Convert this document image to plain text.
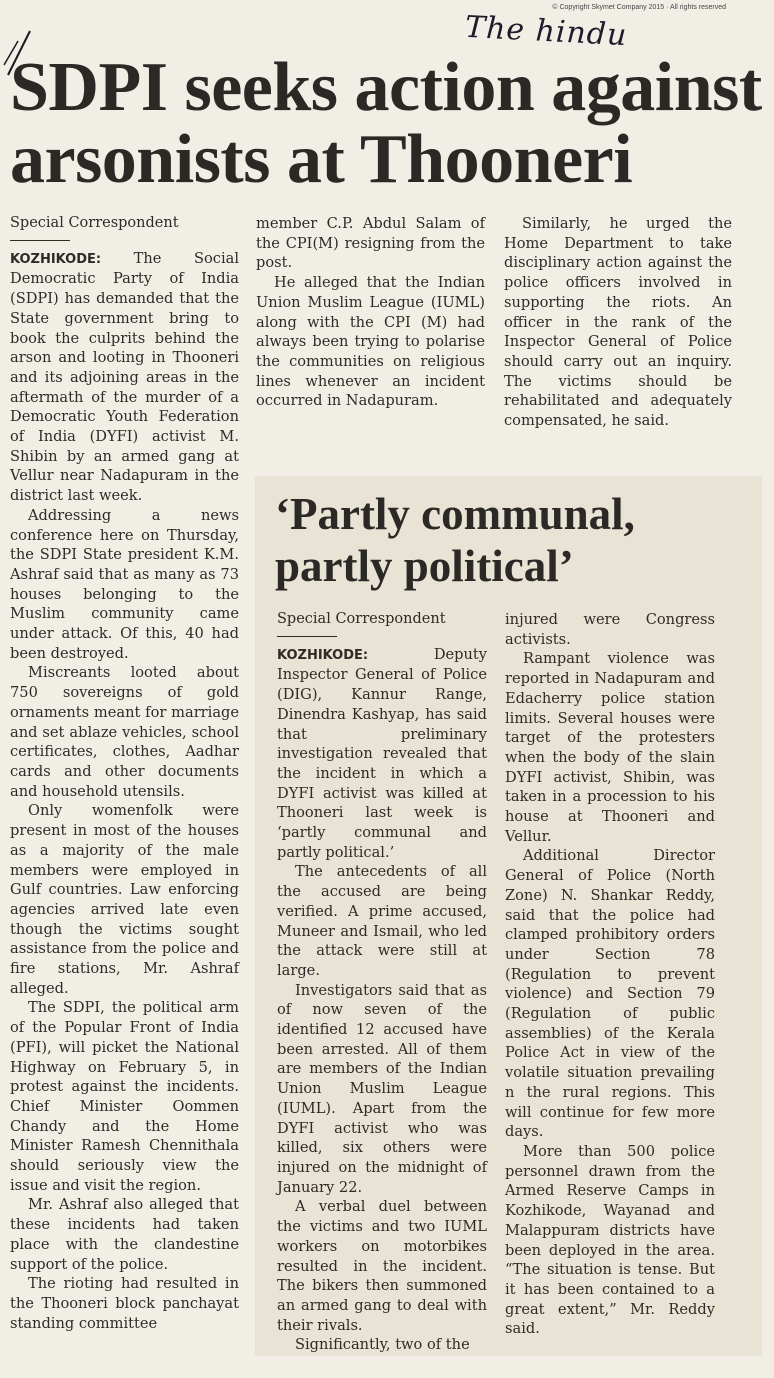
© Copyright Skymet Company 2015 · All rights reserved
The hindu
SDPI seeks action against arsonists at Thooneri
Special Correspondent

KOZHIKODE: The Social Democratic Party of India (SDPI) has demanded that the State government bring to book the culprits behind the arson and looting in Thooneri and its adjoining areas in the aftermath of the murder of a Democratic Youth Federation of India (DYFI) activist M. Shibin by an armed gang at Vellur near Nadapuram in the district last week.

Addressing a news conference here on Thursday, the SDPI State president K.M. Ashraf said that as many as 73 houses belonging to the Muslim community came under attack. Of this, 40 had been destroyed.

Miscreants looted about 750 sovereigns of gold ornaments meant for marriage and set ablaze vehicles, school certificates, clothes, Aadhar cards and other documents and household utensils.

Only womenfolk were present in most of the houses as a majority of the male members were employed in Gulf countries. Law enforcing agencies arrived late even though the victims sought assistance from the police and fire stations, Mr. Ashraf alleged.

The SDPI, the political arm of the Popular Front of India (PFI), will picket the National Highway on February 5, in protest against the incidents. Chief Minister Oommen Chandy and the Home Minister Ramesh Chennithala should seriously view the issue and visit the region.

Mr. Ashraf also alleged that these incidents had taken place with the clandestine support of the police.

The rioting had resulted in the Thooneri block panchayat standing committee

member C.P. Abdul Salam of the CPI(M) resigning from the post.

He alleged that the Indian Union Muslim League (IUML) along with the CPI (M) had always been trying to polarise the communities on religious lines whenever an incident occurred in Nadapuram.

Similarly, he urged the Home Department to take disciplinary action against the police officers involved in supporting the riots. An officer in the rank of the Inspector General of Police should carry out an inquiry. The victims should be rehabilitated and adequately compensated, he said.

‘Partly communal, partly political’
Special Correspondent

KOZHIKODE:	Deputy Inspector General of Police (DIG), Kannur Range, Dinendra Kashyap, has said that preliminary investigation revealed that the incident in which a DYFI activist was killed at Thooneri last week is ‘partly communal and partly political.’

The antecedents of all the accused are being verified. A prime accused, Muneer and Ismail, who led the attack were still at large.

Investigators said that as of now seven of the identified 12 accused have been arrested. All of them are members of the Indian Union Muslim League (IUML). Apart from the DYFI activist who was killed, six others were injured on the midnight of January 22.

A verbal duel between the victims and two IUML workers on motorbikes resulted in the incident. The bikers then summoned an armed gang to deal with their rivals.

Significantly, two of the

injured were Congress activists.

Rampant violence was reported in Nadapuram and Edacherry police station limits. Several houses were target of the protesters when the body of the slain DYFI activist, Shibin, was taken in a procession to his house at Thooneri and Vellur.

Additional Director General of Police (North Zone) N. Shankar Reddy, said that the police had clamped prohibitory orders under Section 78 (Regulation to prevent violence) and Section 79 (Regulation of public assemblies) of the Kerala Police Act in view of the volatile situation prevailing n the rural regions. This will continue for few more days.

More than 500 police personnel drawn from the Armed Reserve Camps in Kozhikode, Wayanad and Malappuram districts have been deployed in the area. “The situation is tense. But it has been contained to a great extent,” Mr. Reddy said.
